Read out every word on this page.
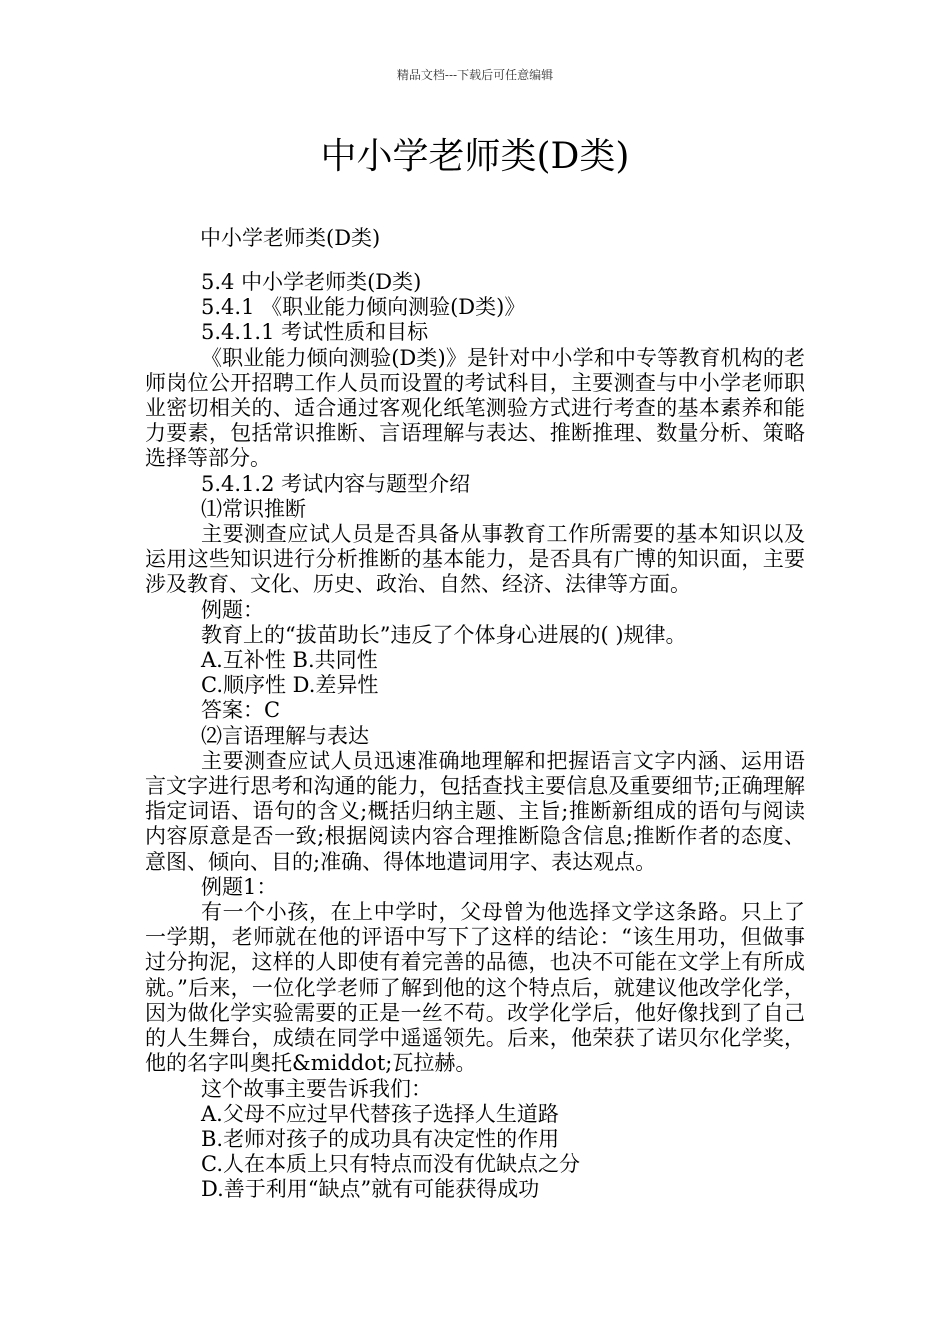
精品文档---下载后可任意编辑
中小学老师类(D类)
中小学老师类(D类)

5.4 中小学老师类(D类)

5.4.1 《职业能力倾向测验(D类)》

5.4.1.1 考试性质和目标

《职业能力倾向测验(D类)》是针对中小学和中专等教育机构的老师岗位公开招聘工作人员而设置的考试科目，主要测查与中小学老师职业密切相关的、适合通过客观化纸笔测验方式进行考查的基本素养和能力要素，包括常识推断、言语理解与表达、推断推理、数量分析、策略选择等部分。

5.4.1.2 考试内容与题型介绍

⑴常识推断

主要测查应试人员是否具备从事教育工作所需要的基本知识以及运用这些知识进行分析推断的基本能力，是否具有广博的知识面，主要涉及教育、文化、历史、政治、自然、经济、法律等方面。

例题：

教育上的“拔苗助长”违反了个体身心进展的( )规律。

A.互补性 B.共同性

C.顺序性 D.差异性

答案：C

⑵言语理解与表达

主要测查应试人员迅速准确地理解和把握语言文字内涵、运用语言文字进行思考和沟通的能力，包括查找主要信息及重要细节;正确理解指定词语、语句的含义;概括归纳主题、主旨;推断新组成的语句与阅读内容原意是否一致;根据阅读内容合理推断隐含信息;推断作者的态度、意图、倾向、目的;准确、得体地遣词用字、表达观点。

例题1：

有一个小孩，在上中学时，父母曾为他选择文学这条路。只上了一学期，老师就在他的评语中写下了这样的结论：“该生用功，但做事过分拘泥，这样的人即使有着完善的品德，也决不可能在文学上有所成就。”后来，一位化学老师了解到他的这个特点后，就建议他改学化学，因为做化学实验需要的正是一丝不苟。改学化学后，他好像找到了自己的人生舞台，成绩在同学中遥遥领先。后来，他荣获了诺贝尔化学奖，他的名字叫奥托&middot;瓦拉赫。

这个故事主要告诉我们：

A.父母不应过早代替孩子选择人生道路

B.老师对孩子的成功具有决定性的作用

C.人在本质上只有特点而没有优缺点之分

D.善于利用“缺点”就有可能获得成功
